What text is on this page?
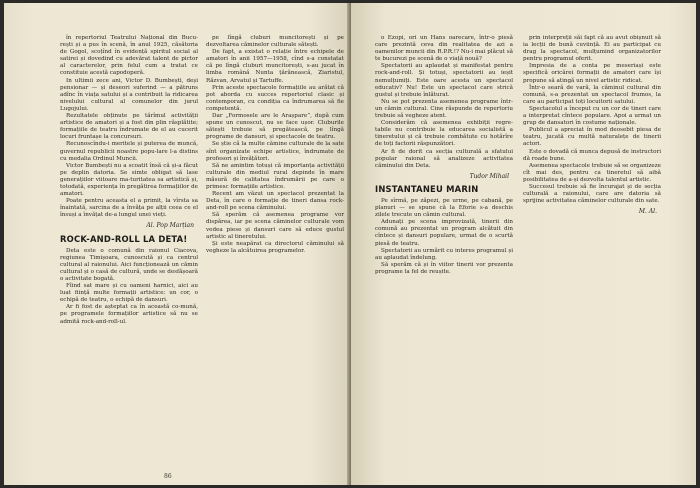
în repertoriul Teatrului Național din Bucu-rești și a pus în scenă, în anul 1925, căsătoria de Gogol, scoțînd în evidență spiritul social al satirei și dovedind cu adevărat talent de pictor al caracterelor, prin felul cum a tratat ce constituie acestă capodoperă.

In ultimii zece ani, Victor D. Bumbești, deși pensionar — și deseori suferind — a pătruns adînc în viața satului și a contribuit la ridicarea nivelului cultural al comunelor din jurul Lugojului.

Rezultatele obținute pe tărîmul activității artistice de amatori și a fost din plin răsplătite; formațiile de teatru îndrumate de el au cucerit locuri fruntașe la concursuri.

Recunoscîndu-i meritele și puterea de muncă, guvernul republicii noastre popu-lare l-a distins cu medalia Ordinul Muncii.

Victor Bumbești nu a scoatit însă că și-a făcut pe deplin datoria. Se simte obligat să lase generațiilor viitoare ma-turitatea sa artistică și, totodată, experiența în pregătirea formațiilor de amatori.

Poate pentru aceasta el a primit, la vîrsta sa înaintată, sarcina de a învăța pe alții ceea ce el însuși a învățat de-a lungul unei vieți.

Al. Pop Marțian
ROCK-AND-ROLL LA DETA!

Deta este o comună din raionul Ciacova, regiunea Timișoara, cunoscută și ca centrul cultural al raionului. Aici funcționează un cămin cultural și o casă de cultură, unde se desfășoară o activitate bogată.

Fîind sat mare și cu oameni harnici, aici au luat ființă multe formații artistice: un cor, o echipă de teatru, o echipă de dansuri.

Ar fi fost de așteptat ca în această co-mună, pe programele formațiilor artistice să nu se admită rock-and-roll-ul.

pe lîngă cluburi muncitorești și pe dezvoltarea căminelor culturale sătești.

De fapt, a existat o relație între echipele de amatori în anii 1957—1958, cînd s-a constatat că pe lîngă cluburi muncitorești, s-au jucat în limba română Nunta țărănească, Ziaristul, Răzvan, Arvatul și Tartuffe.

Prin aceste spectacole formațiile au arătat că pot aborda cu succes repertoriul clasic și contemporan, cu condiția ca îndrumarea să fie competentă.

Dar „Formosele are le Arașpare”, după cum spune un cunoscut, nu se face ușor. Cluburile sătești trebuie să pregătească, pe lîngă programe de dansuri, și spectacole de teatru.

Se știe că la multe cămine culturale de la sate sînt organizate echipe artistice, îndrumate de profesori și învățători.

Să ne amintim totuși că importanța activității culturale din mediul rural depinde în mare măsură de calitatea îndrumării pe care o primesc formațiile artistice.

Recent am văzut un spectacol prezentat la Deta, în care o formație de tineri dansa rock-and-roll pe scena căminului.

Să sperăm că asemenea programe vor dispărea, iar pe scena căminelor culturale vom vedea piese și dansuri care să educe gustul artistic al tineretului.

Și este neapărat ca directorul căminului să vegheze la alcătuirea programelor.

86

o Ezopi, ori un Hans oarecare, într-o piesă care prezintă ceva din realitatea de azi a oamenilor muncii din R.P.R.!? Nu-i mai plăcut să te bucurezi pe scenă de o viață nouă?

Spectatorii au aplaudat și manifestat pentru rock-and-roll. Și totuși, spectatorii au ieșit nemulțumiți. Este oare acesta un spectacol educativ? Nu! Este un spectacol care strică gustul și trebuie înlăturat.

Nu se pot prezenta asemenea programe într-un cămin cultural. Cine răspunde de repertoriu trebuie să vegheze atent.

Considerăm că asemenea exhibiții regre-tabile nu contribuie la educarea socialistă a tineretului și că trebuie combătute cu hotărîre de toți factorii răspunzători.

Ar fi de dorit ca secția culturală a sfatului popular raional să analizeze activitatea căminului din Deta.

Tudor Mihail
INSTANTANEU MARIN

Pe sîrmă, pe zăpezi, pe urme, pe cabană, pe planuri — se spune că la Eforie s-a deschis zilele trecute un cămin cultural.

Adunați pe scena improvizată, tinerii din comună au prezentat un program alcătuit din cîntece și dansuri populare, urmat de o scurtă piesă de teatru.

Spectatorii au urmărit cu interes programul și au aplaudat îndelung.

Să sperăm că și în viitor tinerii vor prezenta programe la fel de reușite.

prin interpreții săi fapt că au avut obișnuit să ia lecții de bună cuviință. Ei au participat cu drag la spectacol, mulțumind organizatorilor pentru programul oferit.

Impresia de a conta pe meseriași este specifică oricărei formații de amatori care își propune să atingă un nivel artistic ridicat.

Într-o seară de vară, la căminul cultural din comună, s-a prezentat un spectacol frumos, la care au participat toți locuitorii satului.

Spectacolul a început cu un cor de tineri care a interpretat cîntece populare. Apoi a urmat un grup de dansatori în costume naționale.

Publicul a apreciat în mod deosebit piesa de teatru, jucată cu multă naturalețe de tinerii actori.

Este o dovadă că munca depusă de instructori dă roade bune.

Asemenea spectacole trebuie să se organizeze cît mai des, pentru ca tineretul să aibă posibilitatea de a-și dezvolta talentul artistic.

Succesul trebuie să fie încurajat și de secția culturală a raionului, care are datoria să sprijine activitatea căminelor culturale din sate.

M. Al.
